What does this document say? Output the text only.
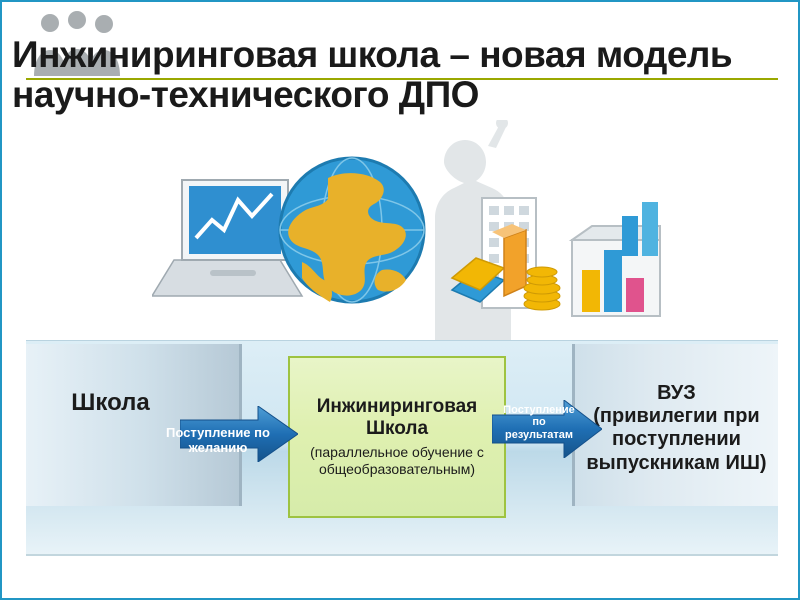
Инжиниринговая школа – новая модель научно-технического ДПО
Школа	Инжиниринговая Школа
(параллельное обучение с общеобразовательным)
ВУЗ
(привилегии при поступлении выпускникам ИШ)
Поступление по желанию
Поступление по результатам
